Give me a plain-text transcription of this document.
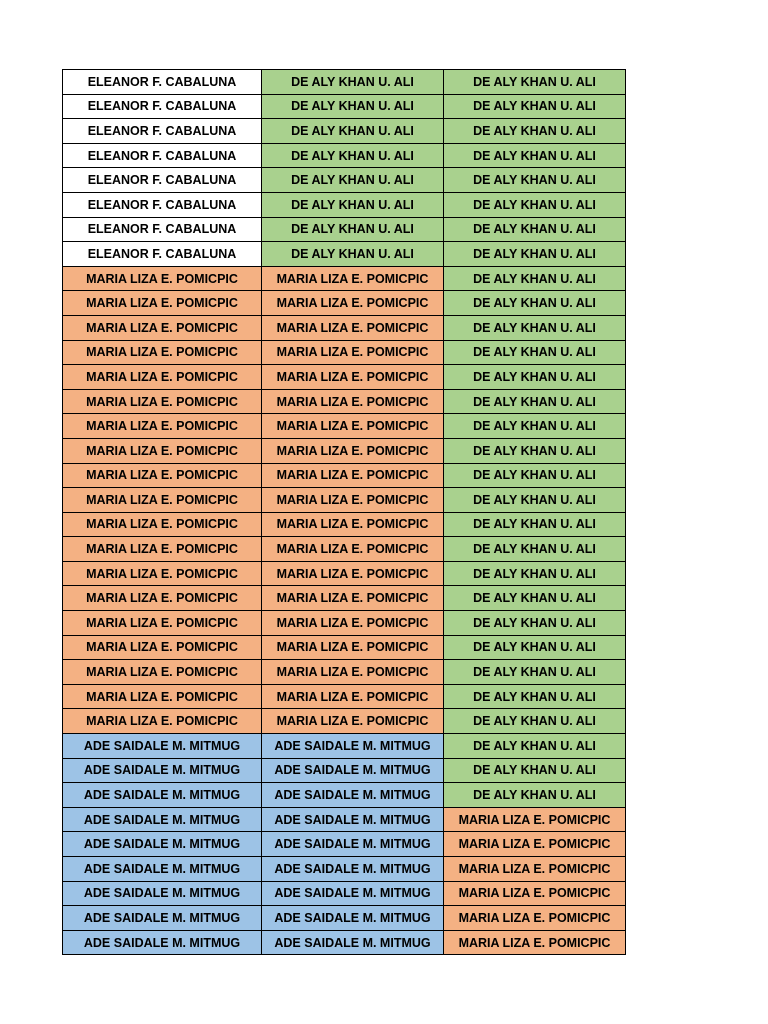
ELEANOR F. CABALUNA	DE ALY KHAN U. ALI	DE ALY KHAN U. ALI
ELEANOR F. CABALUNA	DE ALY KHAN U. ALI	DE ALY KHAN U. ALI
ELEANOR F. CABALUNA	DE ALY KHAN U. ALI	DE ALY KHAN U. ALI
ELEANOR F. CABALUNA	DE ALY KHAN U. ALI	DE ALY KHAN U. ALI
ELEANOR F. CABALUNA	DE ALY KHAN U. ALI	DE ALY KHAN U. ALI
ELEANOR F. CABALUNA	DE ALY KHAN U. ALI	DE ALY KHAN U. ALI
ELEANOR F. CABALUNA	DE ALY KHAN U. ALI	DE ALY KHAN U. ALI
ELEANOR F. CABALUNA	DE ALY KHAN U. ALI	DE ALY KHAN U. ALI
MARIA LIZA E. POMICPIC	MARIA LIZA E. POMICPIC	DE ALY KHAN U. ALI
MARIA LIZA E. POMICPIC	MARIA LIZA E. POMICPIC	DE ALY KHAN U. ALI
MARIA LIZA E. POMICPIC	MARIA LIZA E. POMICPIC	DE ALY KHAN U. ALI
MARIA LIZA E. POMICPIC	MARIA LIZA E. POMICPIC	DE ALY KHAN U. ALI
MARIA LIZA E. POMICPIC	MARIA LIZA E. POMICPIC	DE ALY KHAN U. ALI
MARIA LIZA E. POMICPIC	MARIA LIZA E. POMICPIC	DE ALY KHAN U. ALI
MARIA LIZA E. POMICPIC	MARIA LIZA E. POMICPIC	DE ALY KHAN U. ALI
MARIA LIZA E. POMICPIC	MARIA LIZA E. POMICPIC	DE ALY KHAN U. ALI
MARIA LIZA E. POMICPIC	MARIA LIZA E. POMICPIC	DE ALY KHAN U. ALI
MARIA LIZA E. POMICPIC	MARIA LIZA E. POMICPIC	DE ALY KHAN U. ALI
MARIA LIZA E. POMICPIC	MARIA LIZA E. POMICPIC	DE ALY KHAN U. ALI
MARIA LIZA E. POMICPIC	MARIA LIZA E. POMICPIC	DE ALY KHAN U. ALI
MARIA LIZA E. POMICPIC	MARIA LIZA E. POMICPIC	DE ALY KHAN U. ALI
MARIA LIZA E. POMICPIC	MARIA LIZA E. POMICPIC	DE ALY KHAN U. ALI
MARIA LIZA E. POMICPIC	MARIA LIZA E. POMICPIC	DE ALY KHAN U. ALI
MARIA LIZA E. POMICPIC	MARIA LIZA E. POMICPIC	DE ALY KHAN U. ALI
MARIA LIZA E. POMICPIC	MARIA LIZA E. POMICPIC	DE ALY KHAN U. ALI
MARIA LIZA E. POMICPIC	MARIA LIZA E. POMICPIC	DE ALY KHAN U. ALI
MARIA LIZA E. POMICPIC	MARIA LIZA E. POMICPIC	DE ALY KHAN U. ALI
ADE SAIDALE M. MITMUG	ADE SAIDALE M. MITMUG	DE ALY KHAN U. ALI
ADE SAIDALE M. MITMUG	ADE SAIDALE M. MITMUG	DE ALY KHAN U. ALI
ADE SAIDALE M. MITMUG	ADE SAIDALE M. MITMUG	DE ALY KHAN U. ALI
ADE SAIDALE M. MITMUG	ADE SAIDALE M. MITMUG	MARIA LIZA E. POMICPIC
ADE SAIDALE M. MITMUG	ADE SAIDALE M. MITMUG	MARIA LIZA E. POMICPIC
ADE SAIDALE M. MITMUG	ADE SAIDALE M. MITMUG	MARIA LIZA E. POMICPIC
ADE SAIDALE M. MITMUG	ADE SAIDALE M. MITMUG	MARIA LIZA E. POMICPIC
ADE SAIDALE M. MITMUG	ADE SAIDALE M. MITMUG	MARIA LIZA E. POMICPIC
ADE SAIDALE M. MITMUG	ADE SAIDALE M. MITMUG	MARIA LIZA E. POMICPIC
